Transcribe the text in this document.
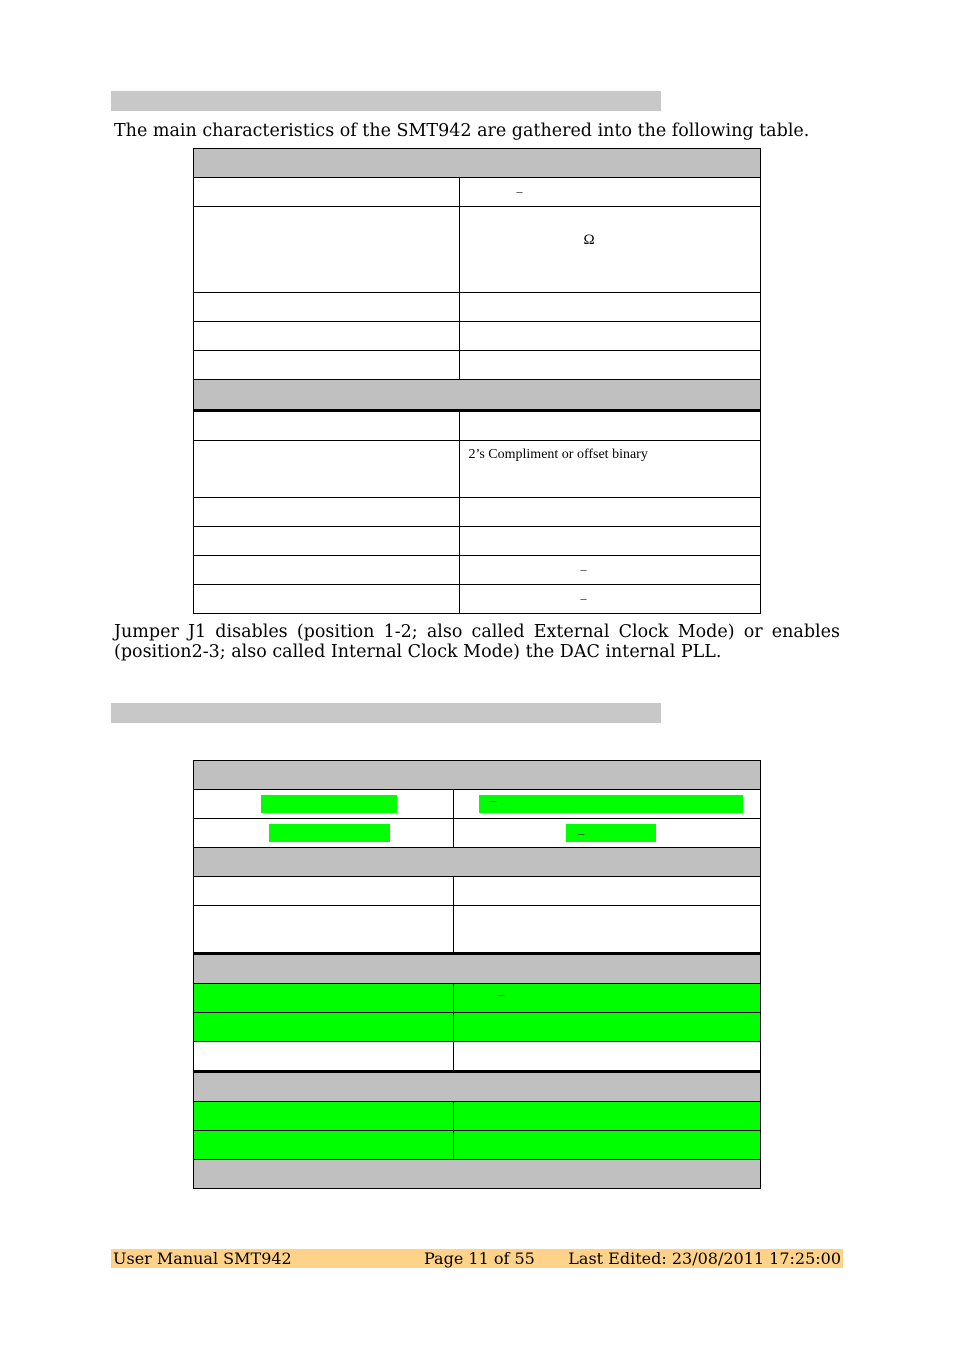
The main characteristics of the SMT942 are gathered into the following table.

	–
	Ω

	2’s Compliment or offset binary

	–
	–
Jumper J1 disables (position 1-2; also called External Clock Mode) or enables (position2-3; also called Internal Clock Mode) the DAC internal PLL.

	–

	–

	–

User Manual SMT942	Page 11 of 55 Last Edited: 23/08/2011 17:25:00
